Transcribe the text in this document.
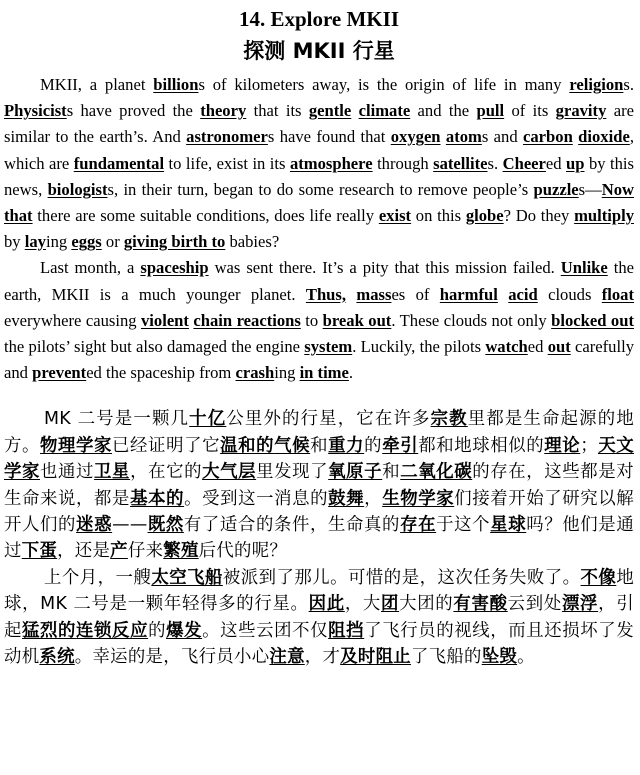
14. Explore MKII
探测 MKII 行星

MKII, a planet billions of kilometers away, is the origin of life in many religions. Physicists have proved the theory that its gentle climate and the pull of its gravity are similar to the earth’s. And astronomers have found that oxygen atoms and carbon dioxide, which are fundamental to life, exist in its atmosphere through satellites. Cheered up by this news, biologists, in their turn, began to do some research to remove people’s puzzles—Now that there are some suitable conditions, does life really exist on this globe? Do they multiply by laying eggs or giving birth to babies?

Last month, a spaceship was sent there. It’s a pity that this mission failed. Unlike the earth, MKII is a much younger planet. Thus, masses of harmful acid clouds float everywhere causing violent chain reactions to break out. These clouds not only blocked out the pilots’ sight but also damaged the engine system. Luckily, the pilots watched out carefully and prevented the spaceship from crashing in time.

MK 二号是一颗几十亿公里外的行星，它在许多宗教里都是生命起源的地方。物理学家已经证明了它温和的气候和重力的牵引都和地球相似的理论；天文学家也通过卫星，在它的大气层里发现了氧原子和二氧化碳的存在，这些都是对生命来说，都是基本的。受到这一消息的鼓舞，生物学家们接着开始了研究以解开人们的迷惑——既然有了适合的条件，生命真的存在于这个星球吗？他们是通过下蛋，还是产仔来繁殖后代的呢？

上个月，一艘太空飞船被派到了那儿。可惜的是，这次任务失败了。不像地球，MK 二号是一颗年轻得多的行星。因此，大团大团的有害酸云到处漂浮，引起猛烈的连锁反应的爆发。这些云团不仅阻挡了飞行员的视线，而且还损坏了发动机系统。幸运的是，飞行员小心注意，才及时阻止了飞船的坠毁。
